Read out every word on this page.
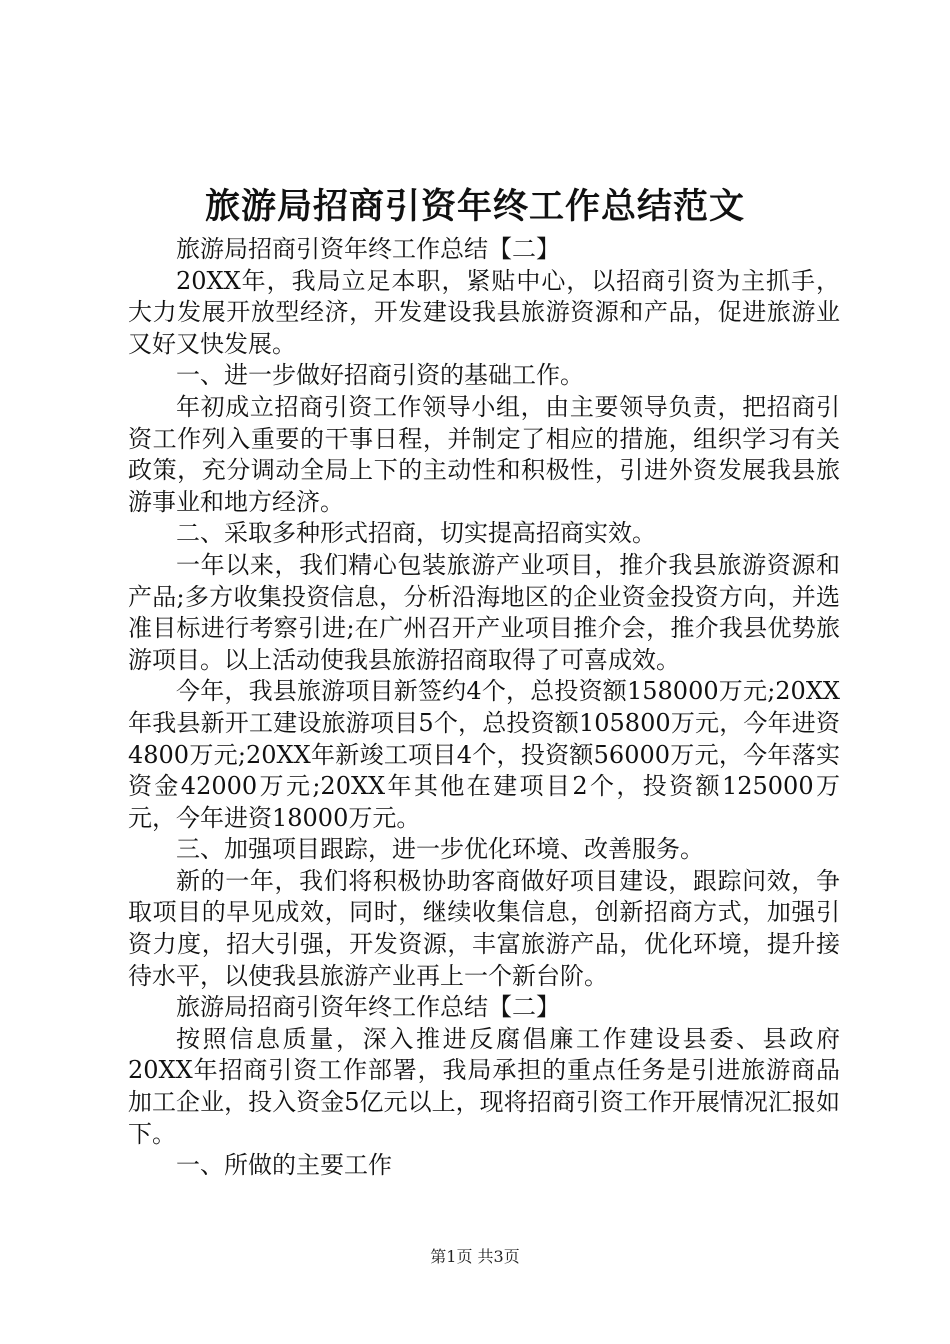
旅游局招商引资年终工作总结范文

旅游局招商引资年终工作总结【二】

20XX年，我局立足本职，紧贴中心，以招商引资为主抓手，大力发展开放型经济，开发建设我县旅游资源和产品，促进旅游业又好又快发展。

一、进一步做好招商引资的基础工作。

年初成立招商引资工作领导小组，由主要领导负责，把招商引资工作列入重要的干事日程，并制定了相应的措施，组织学习有关政策，充分调动全局上下的主动性和积极性，引进外资发展我县旅游事业和地方经济。

二、采取多种形式招商，切实提高招商实效。

一年以来，我们精心包装旅游产业项目，推介我县旅游资源和产品;多方收集投资信息，分析沿海地区的企业资金投资方向，并选准目标进行考察引进;在广州召开产业项目推介会，推介我县优势旅游项目。以上活动使我县旅游招商取得了可喜成效。

今年，我县旅游项目新签约4个，总投资额158000万元;20XX年我县新开工建设旅游项目5个，总投资额105800万元，今年进资4800万元;20XX年新竣工项目4个，投资额56000万元，今年落实资金42000万元;20XX年其他在建项目2个，投资额125000万元，今年进资18000万元。

三、加强项目跟踪，进一步优化环境、改善服务。

新的一年，我们将积极协助客商做好项目建设，跟踪问效，争取项目的早见成效，同时，继续收集信息，创新招商方式，加强引资力度，招大引强，开发资源，丰富旅游产品，优化环境，提升接待水平，以使我县旅游产业再上一个新台阶。

旅游局招商引资年终工作总结【二】

按照信息质量，深入推进反腐倡廉工作建设县委、县政府20XX年招商引资工作部署，我局承担的重点任务是引进旅游商品加工企业，投入资金5亿元以上，现将招商引资工作开展情况汇报如下。

一、所做的主要工作

第1页 共3页
